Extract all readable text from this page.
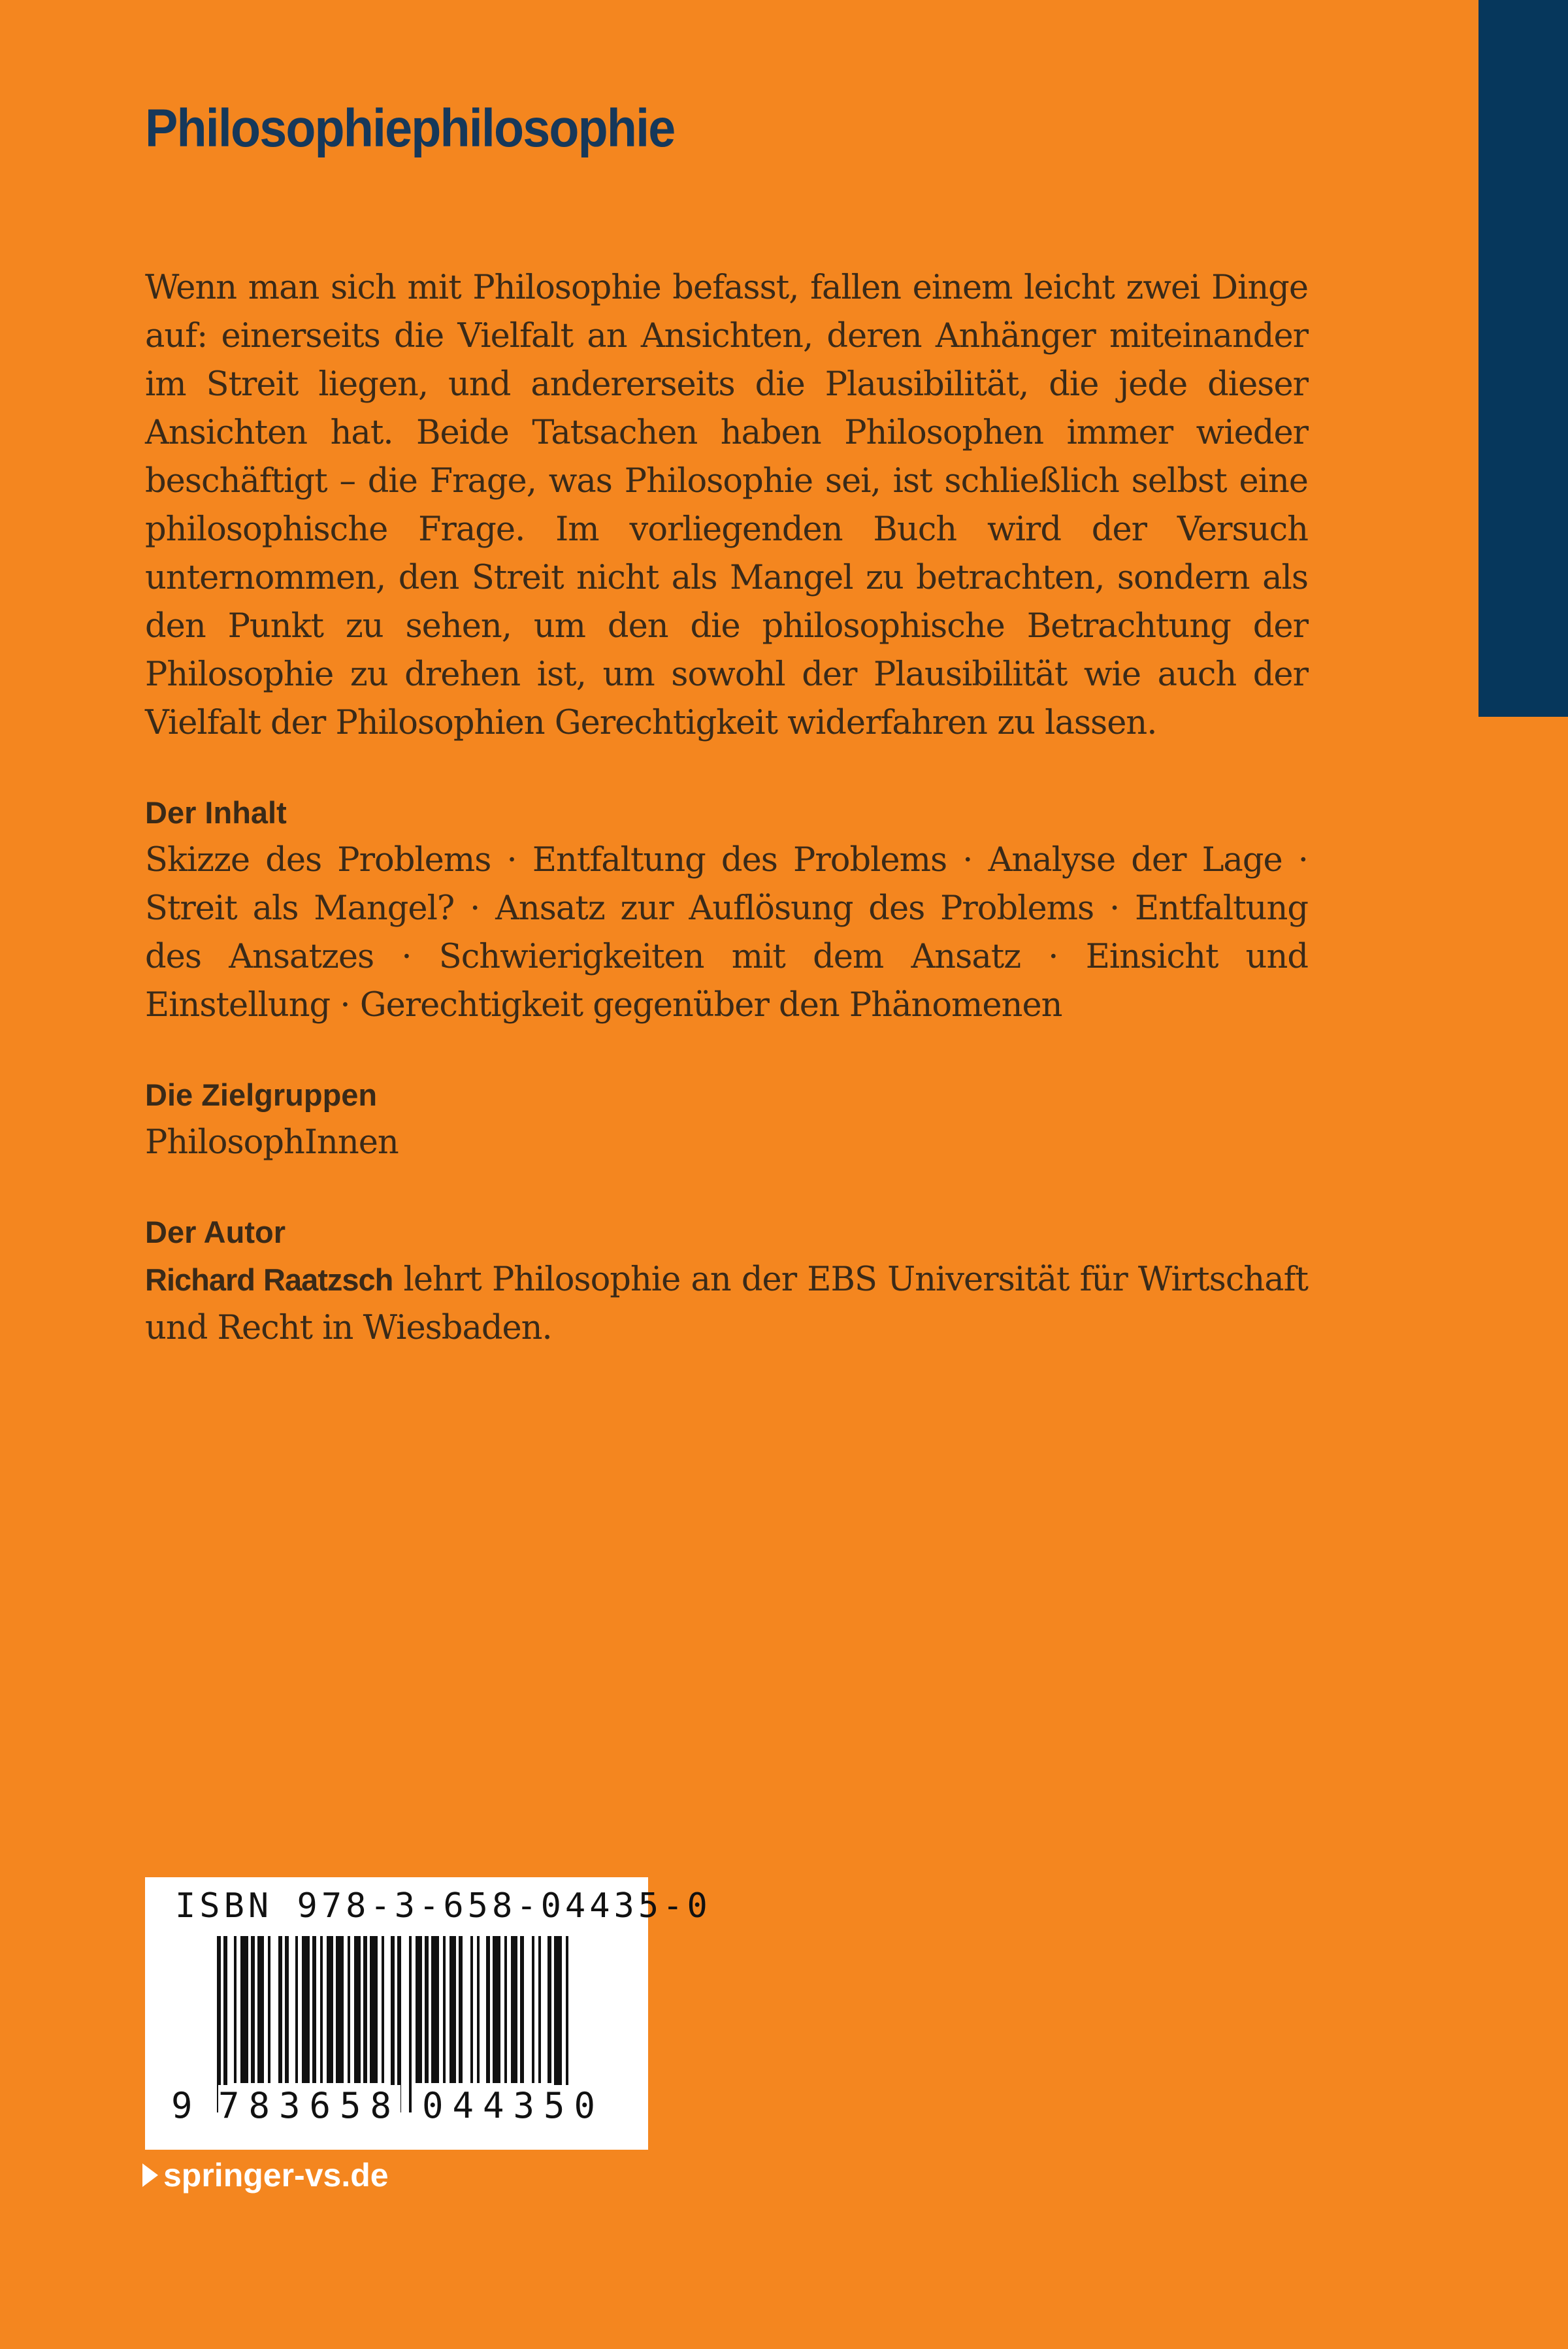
Philosophiephilosophie

Wenn man sich mit Philosophie befasst, fallen einem leicht zwei Dinge auf: einerseits die Vielfalt an Ansichten, deren Anhänger miteinander im Streit liegen, und andererseits die Plausibilität, die jede dieser Ansichten hat. Beide Tatsachen haben Philosophen immer wieder beschäftigt – die Frage, was Philosophie sei, ist schließlich selbst eine philosophische Frage. Im vorliegenden Buch wird der Versuch unternommen, den Streit nicht als Mangel zu betrachten, sondern als den Punkt zu sehen, um den die philosophische Betrachtung der Philosophie zu drehen ist, um sowohl der Plausibilität wie auch der Vielfalt der Philosophien Gerechtigkeit widerfahren zu lassen.

Der Inhalt

Skizze des Problems · Entfaltung des Problems · Analyse der Lage · Streit als Mangel? · Ansatz zur Auflösung des Problems · Entfaltung des Ansatzes · Schwierigkeiten mit dem Ansatz · Einsicht und Einstellung · Gerechtigkeit gegenüber den Phänomenen

Die Zielgruppen

PhilosophInnen

Der Autor

Richard Raatzsch lehrt Philosophie an der EBS Universität für Wirtschaft und Recht in Wiesbaden.

ISBN 978-3-658-04435-0
9 783658 044350
springer-vs.de
